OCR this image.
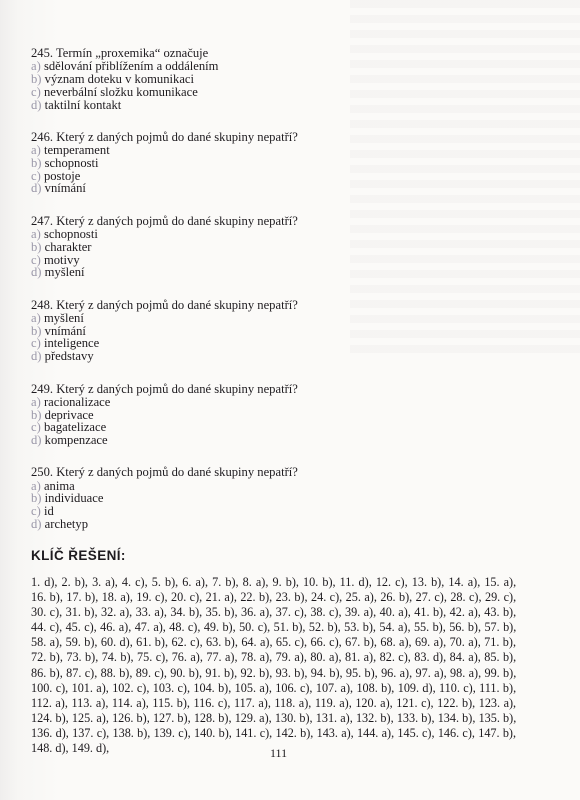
245. Termín „proxemika“ označuje

a) sdělování přiblížením a oddálením
b) význam doteku v komunikaci
c) neverbální složku komunikace
d) taktilní kontakt

246. Který z daných pojmů do dané skupiny nepatří?

a) temperament
b) schopnosti
c) postoje
d) vnímání

247. Který z daných pojmů do dané skupiny nepatří?

a) schopnosti
b) charakter
c) motivy
d) myšlení

248. Který z daných pojmů do dané skupiny nepatří?

a) myšlení
b) vnímání
c) inteligence
d) představy

249. Který z daných pojmů do dané skupiny nepatří?

a) racionalizace
b) deprivace
c) bagatelizace
d) kompenzace

250. Který z daných pojmů do dané skupiny nepatří?

a) anima
b) individuace
c) id
d) archetyp
KLÍČ ŘEŠENÍ:
1. d), 2. b), 3. a), 4. c), 5. b), 6. a), 7. b), 8. a), 9. b), 10. b), 11. d), 12. c), 13. b), 14. a), 15. a), 16. b), 17. b), 18. a), 19. c), 20. c), 21. a), 22. b), 23. b), 24. c), 25. a), 26. b), 27. c), 28. c), 29. c), 30. c), 31. b), 32. a), 33. a), 34. b), 35. b), 36. a), 37. c), 38. c), 39. a), 40. a), 41. b), 42. a), 43. b), 44. c), 45. c), 46. a), 47. a), 48. c), 49. b), 50. c), 51. b), 52. b), 53. b), 54. a), 55. b), 56. b), 57. b), 58. a), 59. b), 60. d), 61. b), 62. c), 63. b), 64. a), 65. c), 66. c), 67. b), 68. a), 69. a), 70. a), 71. b), 72. b), 73. b), 74. b), 75. c), 76. a), 77. a), 78. a), 79. a), 80. a), 81. a), 82. c), 83. d), 84. a), 85. b), 86. b), 87. c), 88. b), 89. c), 90. b), 91. b), 92. b), 93. b), 94. b), 95. b), 96. a), 97. a), 98. a), 99. b), 100. c), 101. a), 102. c), 103. c), 104. b), 105. a), 106. c), 107. a), 108. b), 109. d), 110. c), 111. b), 112. a), 113. a), 114. a), 115. b), 116. c), 117. a), 118. a), 119. a), 120. a), 121. c), 122. b), 123. a), 124. b), 125. a), 126. b), 127. b), 128. b), 129. a), 130. b), 131. a), 132. b), 133. b), 134. b), 135. b), 136. d), 137. c), 138. b), 139. c), 140. b), 141. c), 142. b), 143. a), 144. a), 145. c), 146. c), 147. b), 148. d), 149. d),	111
